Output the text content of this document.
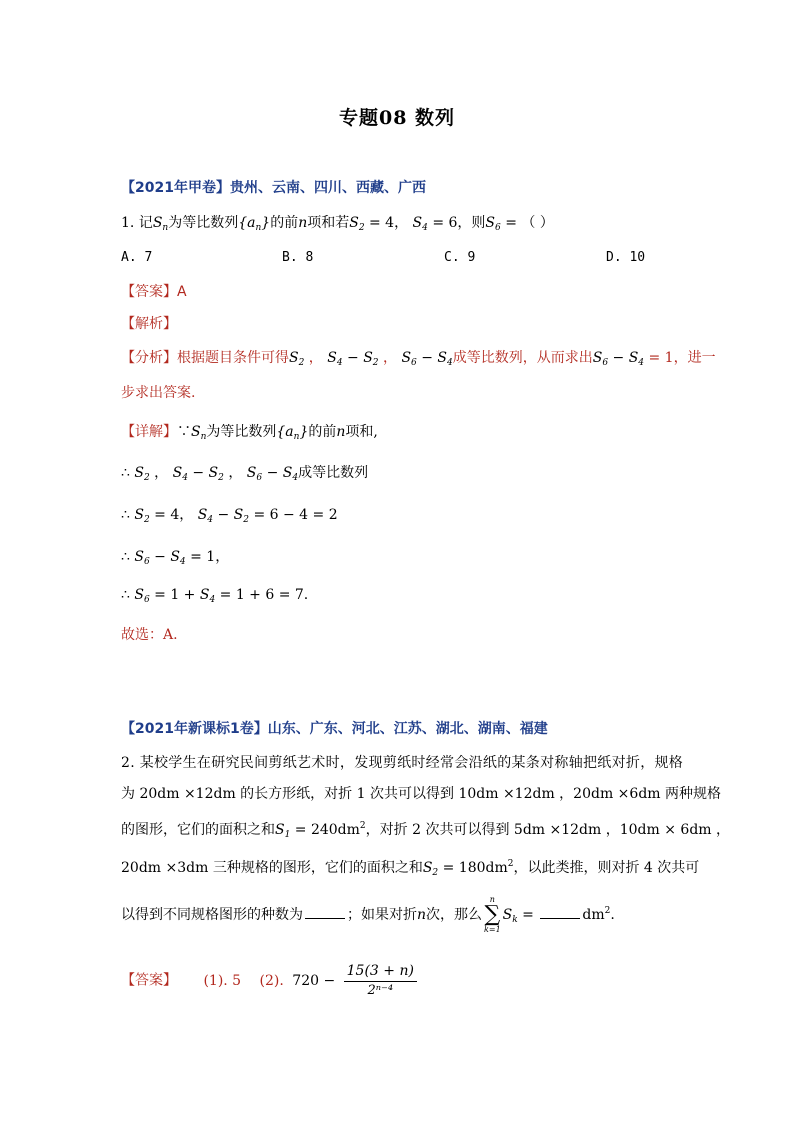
专题08 数列
【2021年甲卷】贵州、云南、四川、西藏、广西
1. 记$S_n$为等比数列$\{a_n\}$的前n项和若$S_2 = 4$， $S_4 = 6$，则$S_6$ = （ ）
A. 7	B. 8	C. 9	D. 10
【答案】A
【解析】
【分析】根据题目条件可得$S_2$ ， $S_4 - S_2$ ， $S_6 - S_4$成等比数列，从而求出$S_6 - S_4 = 1$，进一
步求出答案.
【详解】$\because S_n$为等比数列$\{a_n\}$的前n项和,
∴ $S_2$ ， $S_4 - S_2$ ， $S_6 - S_4$成等比数列
∴ $S_2 = 4$， $S_4 - S_2 = 6 - 4 = 2$
∴ $S_6 - S_4 = 1$，
∴ $S_6 = 1 + S_4 = 1 + 6 = 7$.
故选：A.
【2021年新课标1卷】山东、广东、河北、江苏、湖北、湖南、福建
2. 某校学生在研究民间剪纸艺术时，发现剪纸时经常会沿纸的某条对称轴把纸对折，规格
为 20dm ×12dm 的长方形纸，对折 1 次共可以得到 10dm ×12dm ，20dm ×6dm 两种规格
的图形，它们的面积之和$S_1 = 240dm^2$，对折 2 次共可以得到 5dm ×12dm ，10dm × 6dm ，
20dm ×3dm 三种规格的图形，它们的面积之和$S_2 = 180dm^2$，以此类推，则对折 4 次共可
以得到不同规格图形的种数为	；如果对折n次，那么
n
∑
k=1
$S_k$ =	$dm^2$.
【答案】 (1). 5 (2). $720 - \frac{15(3 + n)}{\text{2ⁿ⁻⁴}}$
